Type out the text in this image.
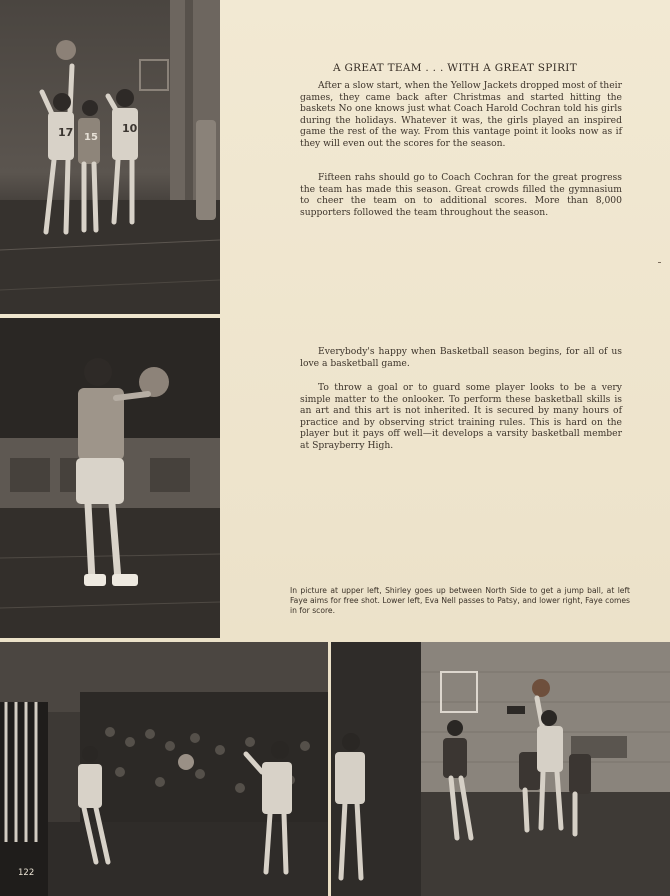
17 15
10
A GREAT TEAM . . . WITH A GREAT SPIRIT

After a slow start, when the Yellow Jackets dropped most of their games, they came back after Christmas and started hitting the baskets No one knows just what Coach Harold Cochran told his girls during the holidays. Whatever it was, the girls played an inspired game the rest of the way. From this vantage point it looks now as if they will even out the scores for the season.

Fifteen rahs should go to Coach Cochran for the great progress the team has made this season. Great crowds filled the gymnasium to cheer the team on to additional scores. More than 8,000 supporters followed the team throughout the season.

Everybody's happy when Basketball season begins, for all of us love a basketball game.

To throw a goal or to guard some player looks to be a very simple matter to the onlooker. To perform these basketball skills is an art and this art is not inherited. It is secured by many hours of practice and by observing strict training rules. This is hard on the player but it pays off well—it develops a varsity basketball member at Sprayberry High.

In picture at upper left, Shirley goes up between North Side to get a jump ball, at left Faye aims for free shot. Lower left, Eva Nell passes to Patsy, and lower right, Faye comes in for score.

122
